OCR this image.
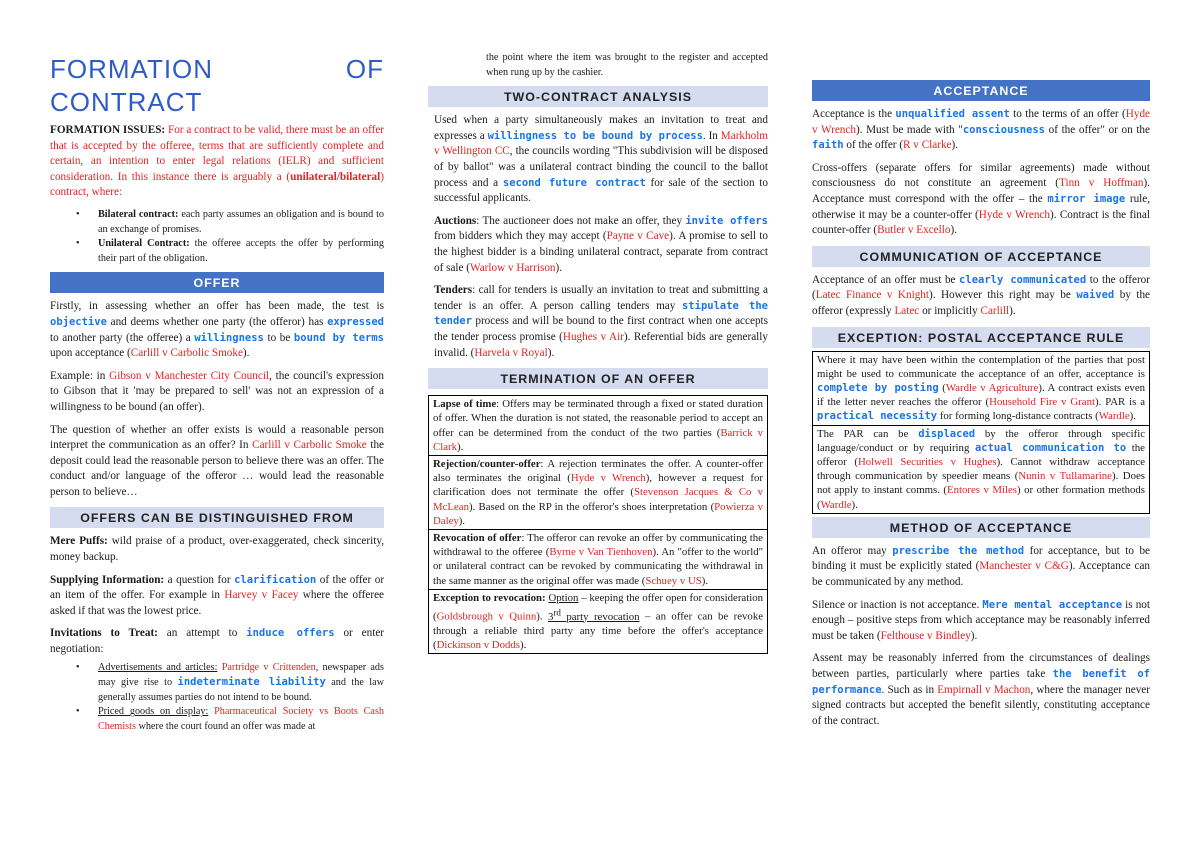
FORMATION	OF
CONTRACT

FORMATION ISSUES: For a contract to be valid, there must be an offer that is accepted by the offeree, terms that are sufficiently complete and certain, an intention to enter legal relations (IELR) and sufficient consideration. In this instance there is arguably a (unilateral/bilateral) contract, where:

• Bilateral contract: each party assumes an obligation and is bound to an exchange of promises.
• Unilateral Contract: the offeree accepts the offer by performing their part of the obligation.
OFFER

Firstly, in assessing whether an offer has been made, the test is objective and deems whether one party (the offeror) has expressed to another party (the offeree) a willingness to be bound by terms upon acceptance (Carlill v Carbolic Smoke).

Example: in Gibson v Manchester City Council, the council's expression to Gibson that it 'may be prepared to sell' was not an expression of a willingness to be bound (an offer).

The question of whether an offer exists is would a reasonable person interpret the communication as an offer? In Carlill v Carbolic Smoke the deposit could lead the reasonable person to believe there was an offer. The conduct and/or language of the offeror … would lead the reasonable person to believe…

OFFERS CAN BE DISTINGUISHED FROM

Mere Puffs: wild praise of a product, over-exaggerated, check sincerity, money backup.

Supplying Information: a question for clarification of the offer or an item of the offer. For example in Harvey v Facey where the offeree asked if that was the lowest price.

Invitations to Treat: an attempt to induce offers or enter negotiation:

• Advertisements and articles: Partridge v Crittenden, newspaper ads may give rise to indeterminate liability and the law generally assumes parties do not intend to be bound.
• Priced goods on display: Pharmaceutical Society vs Boots Cash Chemists where the court found an offer was made at
the point where the item was brought to the register and accepted when rung up by the cashier.
TWO-CONTRACT ANALYSIS

Used when a party simultaneously makes an invitation to treat and expresses a willingness to be bound by process. In Markholm v Wellington CC, the councils wording "This subdivision will be disposed of by ballot" was a unilateral contract binding the council to the ballot process and a second future contract for sale of the section to successful applicants.

Auctions: The auctioneer does not make an offer, they invite offers from bidders which they may accept (Payne v Cave). A promise to sell to the highest bidder is a binding unilateral contract, separate from contract of sale (Warlow v Harrison).

Tenders: call for tenders is usually an invitation to treat and submitting a tender is an offer. A person calling tenders may stipulate the tender process and will be bound to the first contract when one accepts the tender process promise (Hughes v Air). Referential bids are generally invalid. (Harvela v Royal).

TERMINATION OF AN OFFER

Lapse of time: Offers may be terminated through a fixed or stated duration of offer. When the duration is not stated, the reasonable period to accept an offer can be determined from the conduct of the two parties (Barrick v Clark).

Rejection/counter-offer: A rejection terminates the offer. A counter-offer also terminates the original (Hyde v Wrench), however a request for clarification does not terminate the offer (Stevenson Jacques & Co v McLean). Based on the RP in the offeror's shoes interpretation (Powierza v Daley).

Revocation of offer: The offeror can revoke an offer by communicating the withdrawal to the offeree (Byrne v Van Tienhoven). An "offer to the world" or unilateral contract can be revoked by communicating the withdrawal in the same manner as the original offer was made (Schuey v US).

Exception to revocation: Option – keeping the offer open for consideration (Goldsbrough v Quinn). 3rd party revocation – an offer can be revoke through a reliable third party any time before the offer's acceptance (Dickinson v Dodds).

ACCEPTANCE

Acceptance is the unqualified assent to the terms of an offer (Hyde v Wrench). Must be made with "consciousness of the offer" or on the faith of the offer (R v Clarke).

Cross-offers (separate offers for similar agreements) made without consciousness do not constitute an agreement (Tinn v Hoffman). Acceptance must correspond with the offer – the mirror image rule, otherwise it may be a counter-offer (Hyde v Wrench). Contract is the final counter-offer (Butler v Excello).

COMMUNICATION OF ACCEPTANCE

Acceptance of an offer must be clearly communicated to the offeror (Latec Finance v Knight). However this right may be waived by the offeror (expressly Latec or implicitly Carlill).

EXCEPTION: POSTAL ACCEPTANCE RULE

Where it may have been within the contemplation of the parties that post might be used to communicate the acceptance of an offer, acceptance is complete by posting (Wardle v Agriculture). A contract exists even if the letter never reaches the offeror (Household Fire v Grant). PAR is a practical necessity for forming long-distance contracts (Wardle).

The PAR can be displaced by the offeror through specific language/conduct or by requiring actual communication to the offeror (Holwell Securities v Hughes). Cannot withdraw acceptance through communication by speedier means (Nunin v Tullamarine). Does not apply to instant comms. (Entores v Miles) or other formation methods (Wardle).

METHOD OF ACCEPTANCE

An offeror may prescribe the method for acceptance, but to be binding it must be explicitly stated (Manchester v C&G). Acceptance can be communicated by any method.

Silence or inaction is not acceptance. Mere mental acceptance is not enough – positive steps from which acceptance may be reasonably inferred must be taken (Felthouse v Bindley).

Assent may be reasonably inferred from the circumstances of dealings between parties, particularly where parties take the benefit of performance. Such as in Empirnall v Machon, where the manager never signed contracts but accepted the benefit silently, constituting acceptance of the contract.
